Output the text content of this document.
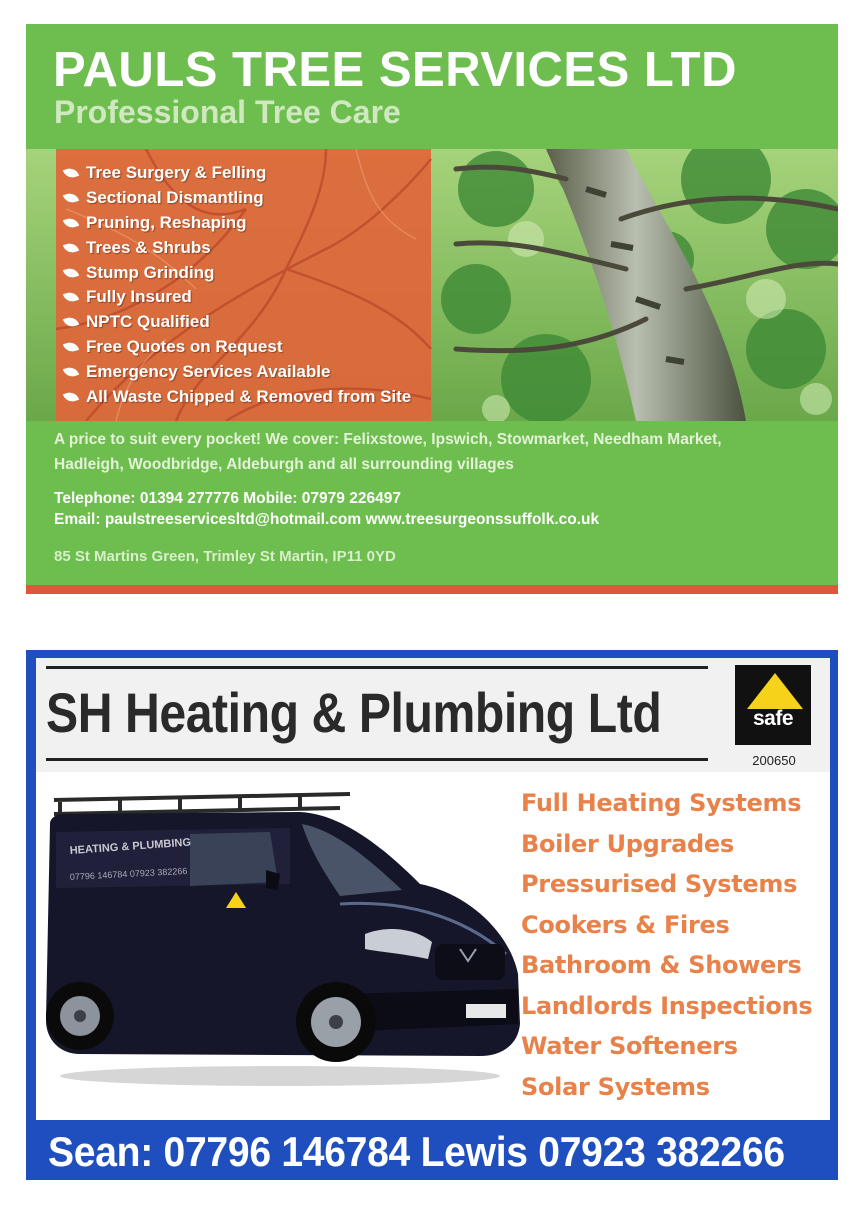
PAULS TREE SERVICES LTD
Professional Tree Care
Tree Surgery & Felling
Sectional Dismantling
Pruning, Reshaping
Trees & Shrubs
Stump Grinding
Fully Insured
NPTC Qualified
Free Quotes on Request
Emergency Services Available
All Waste Chipped & Removed from Site
A price to suit every pocket! We cover: Felixstowe, Ipswich, Stowmarket, Needham Market,
Hadleigh, Woodbridge, Aldeburgh and all surrounding villages
Telephone: 01394 277776 Mobile: 07979 226497
Email: paulstreeservicesltd@hotmail.com www.treesurgeonssuffolk.co.uk
85 St Martins Green, Trimley St Martin, IP11 0YD
SH Heating & Plumbing Ltd	safe
200650
HEATING & PLUMBING
07796 146784 07923 382266
Full Heating Systems
Boiler Upgrades
Pressurised Systems
Cookers & Fires
Bathroom & Showers
Landlords Inspections
Water Softeners
Solar Systems
Sean: 07796 146784 Lewis 07923 382266
